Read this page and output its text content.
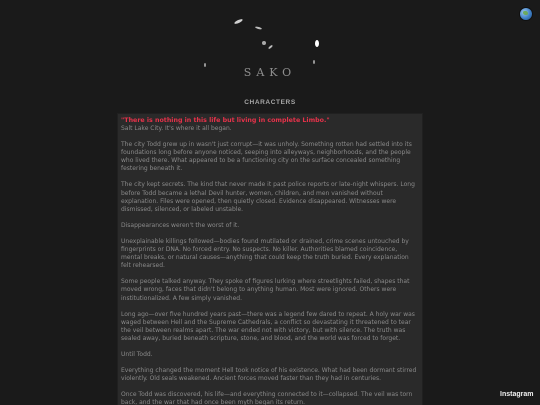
SAKO
CHARACTERS

"There is nothing in this life but living in complete Limbo."

Salt Lake City. It's where it all began.

The city Todd grew up in wasn't just corrupt—it was unholy. Something rotten had settled into its foundations long before anyone noticed, seeping into alleyways, neighborhoods, and the people who lived there. What appeared to be a functioning city on the surface concealed something festering beneath it.

The city kept secrets. The kind that never made it past police reports or late-night whispers. Long before Todd became a lethal Devil hunter, women, children, and men vanished without explanation. Files were opened, then quietly closed. Evidence disappeared. Witnesses were dismissed, silenced, or labeled unstable.

Disappearances weren't the worst of it.

Unexplainable killings followed—bodies found mutilated or drained, crime scenes untouched by fingerprints or DNA. No forced entry. No suspects. No killer. Authorities blamed coincidence, mental breaks, or natural causes—anything that could keep the truth buried. Every explanation felt rehearsed.

Some people talked anyway. They spoke of figures lurking where streetlights failed, shapes that moved wrong, faces that didn't belong to anything human. Most were ignored. Others were institutionalized. A few simply vanished.

Long ago—over five hundred years past—there was a legend few dared to repeat. A holy war was waged between Hell and the Supreme Cathedrals, a conflict so devastating it threatened to tear the veil between realms apart. The war ended not with victory, but with silence. The truth was sealed away, buried beneath scripture, stone, and blood, and the world was forced to forget.

Until Todd.

Everything changed the moment Hell took notice of his existence. What had been dormant stirred violently. Old seals weakened. Ancient forces moved faster than they had in centuries.

Once Todd was discovered, his life—and everything connected to it—collapsed. The veil was torn back, and the war that had once been myth began its return.

Instagram
